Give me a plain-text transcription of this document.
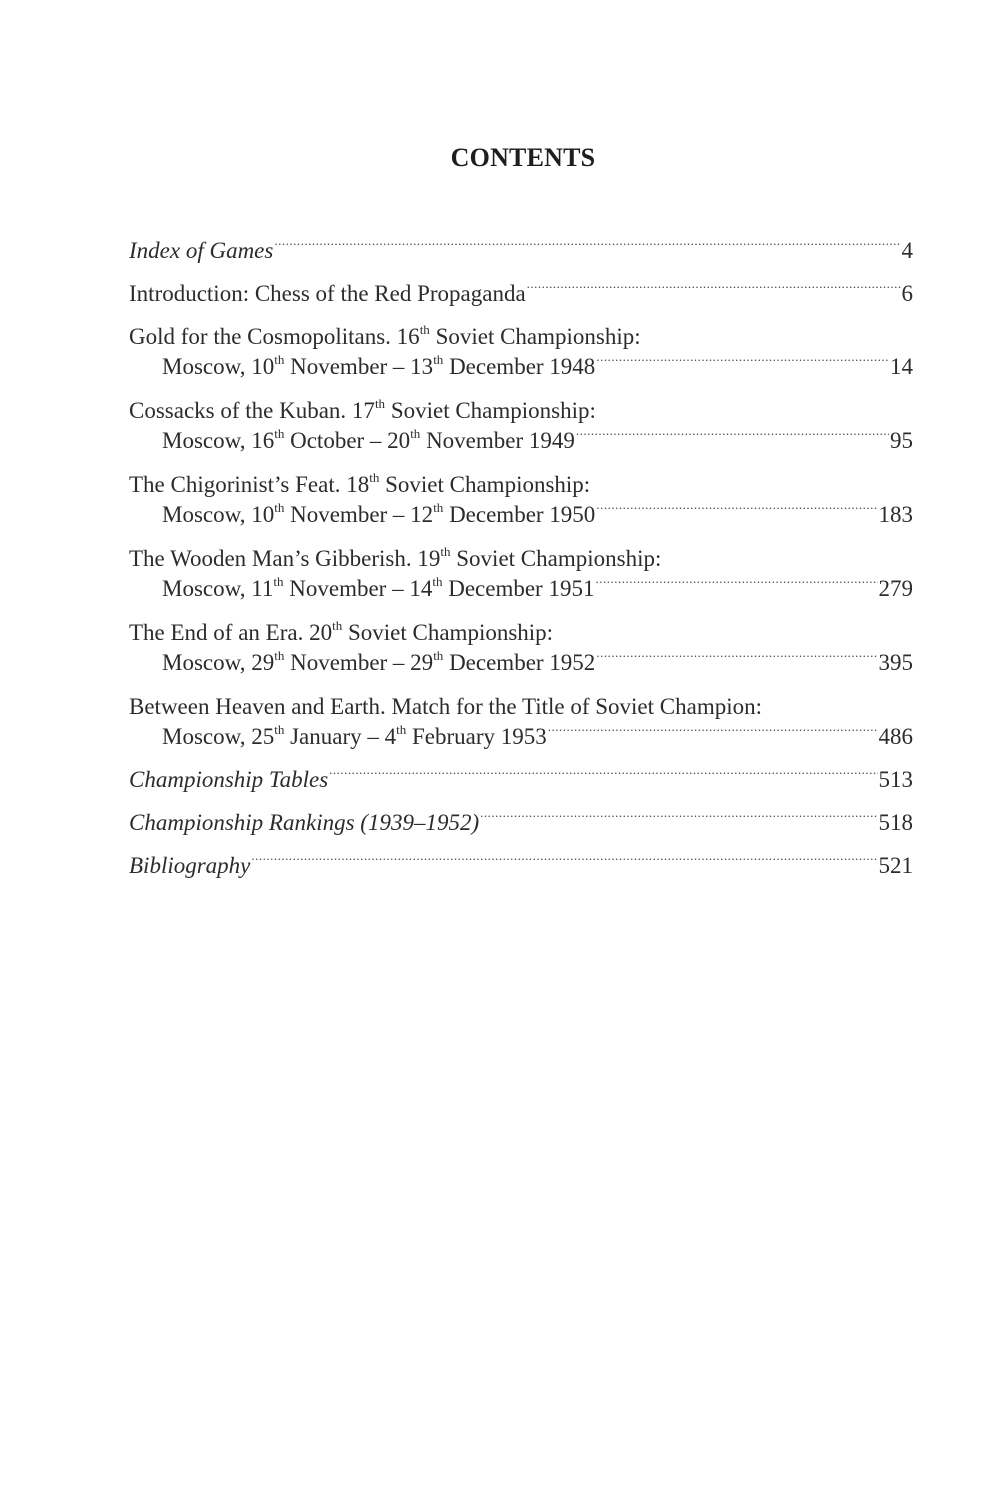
CONTENTS
Index of Games .....	4
Introduction: Chess of the Red Propaganda .....	6
Gold for the Cosmopolitans. 16th Soviet Championship:
Moscow, 10th November – 13th December 1948 .....	14
Cossacks of the Kuban. 17th Soviet Championship:
Moscow, 16th October – 20th November 1949 .....	95
The Chigorinist’s Feat. 18th Soviet Championship:
Moscow, 10th November – 12th December 1950 .....	183
The Wooden Man’s Gibberish. 19th Soviet Championship:
Moscow, 11th November – 14th December 1951 .....	279
The End of an Era. 20th Soviet Championship:
Moscow, 29th November – 29th December 1952 .....	395
Between Heaven and Earth. Match for the Title of Soviet Champion:
Moscow, 25th January – 4th February 1953 .....	486
Championship Tables .....	513
Championship Rankings (1939–1952) .....	518
Bibliography .....	521
